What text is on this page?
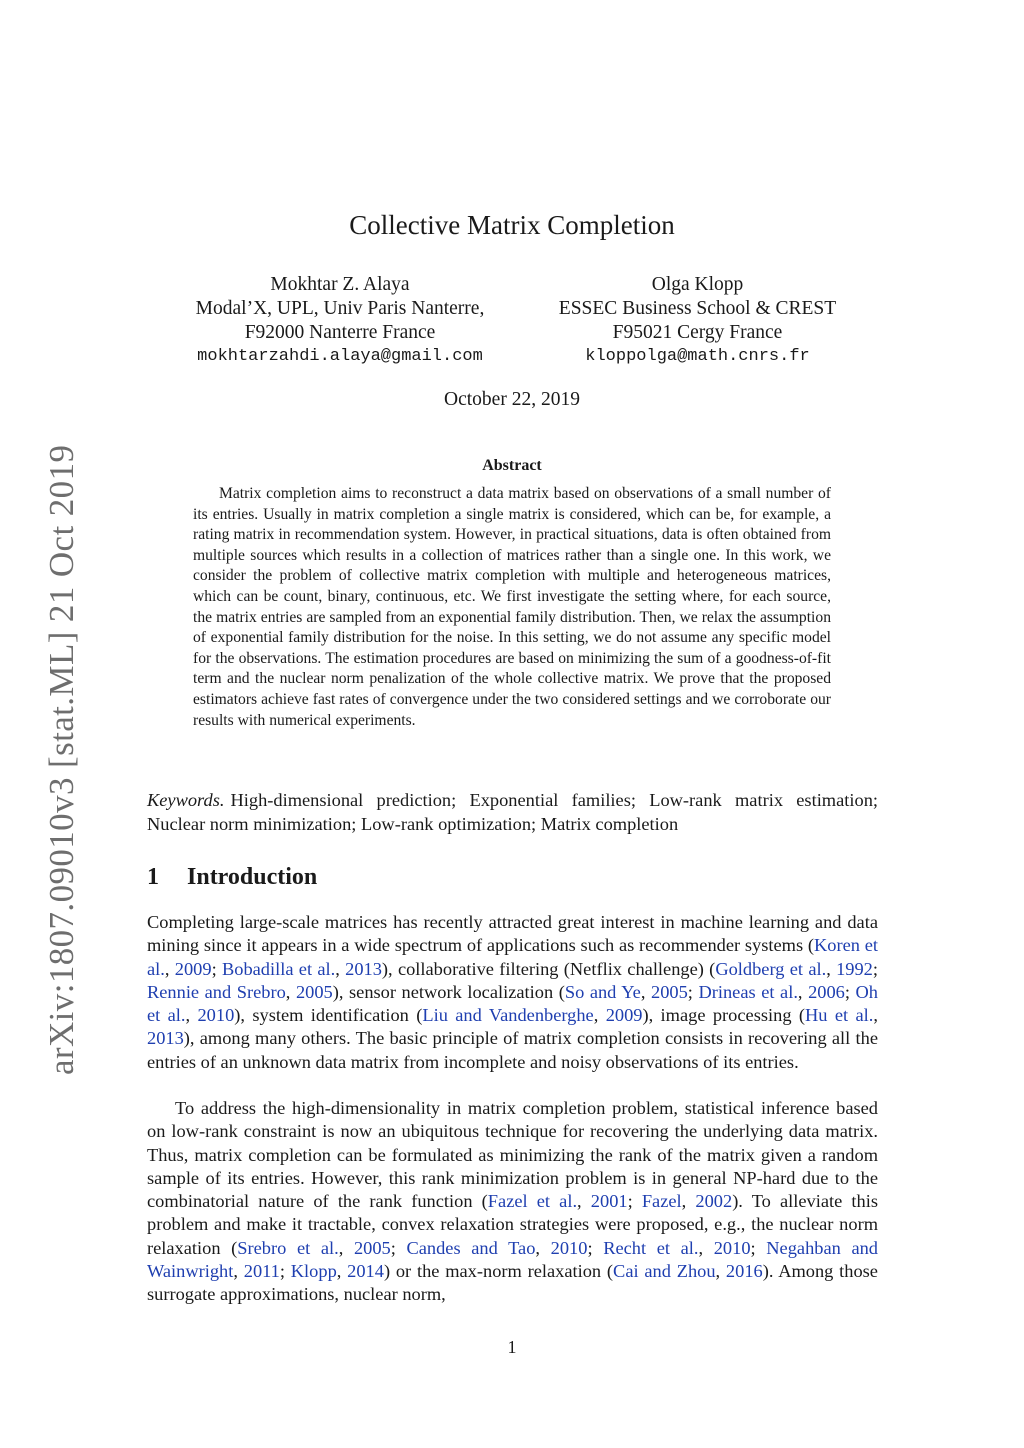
arXiv:1807.09010v3 [stat.ML] 21 Oct 2019
Collective Matrix Completion
Mokhtar Z. Alaya
Modal’X, UPL, Univ Paris Nanterre,
F92000 Nanterre France
mokhtarzahdi.alaya@gmail.com
Olga Klopp
ESSEC Business School & CREST
F95021 Cergy France
kloppolga@math.cnrs.fr
October 22, 2019
Abstract
Matrix completion aims to reconstruct a data matrix based on observations of a small number of its entries. Usually in matrix completion a single matrix is considered, which can be, for example, a rating matrix in recommendation system. However, in practical situations, data is often obtained from multiple sources which results in a collection of matrices rather than a single one. In this work, we consider the problem of collective matrix completion with multiple and heterogeneous matrices, which can be count, binary, continuous, etc. We first investigate the setting where, for each source, the matrix entries are sampled from an exponential family distribution. Then, we relax the assumption of exponential family distribution for the noise. In this setting, we do not assume any specific model for the observations. The estimation procedures are based on minimizing the sum of a goodness-of-fit term and the nuclear norm penalization of the whole collective matrix. We prove that the proposed estimators achieve fast rates of convergence under the two considered settings and we corroborate our results with numerical experiments.
Keywords. High-dimensional prediction; Exponential families; Low-rank matrix estimation; Nuclear norm minimization; Low-rank optimization; Matrix completion
1 Introduction
Completing large-scale matrices has recently attracted great interest in machine learning and data mining since it appears in a wide spectrum of applications such as recommender systems (Koren et al., 2009; Bobadilla et al., 2013), collaborative filtering (Netflix challenge) (Goldberg et al., 1992; Rennie and Srebro, 2005), sensor network localization (So and Ye, 2005; Drineas et al., 2006; Oh et al., 2010), system identification (Liu and Vandenberghe, 2009), image processing (Hu et al., 2013), among many others. The basic principle of matrix completion consists in recovering all the entries of an unknown data matrix from incomplete and noisy observations of its entries.
To address the high-dimensionality in matrix completion problem, statistical inference based on low-rank constraint is now an ubiquitous technique for recovering the underlying data matrix. Thus, matrix completion can be formulated as minimizing the rank of the matrix given a random sample of its entries. However, this rank minimization problem is in general NP-hard due to the combinatorial nature of the rank function (Fazel et al., 2001; Fazel, 2002). To alleviate this problem and make it tractable, convex relaxation strategies were proposed, e.g., the nuclear norm relaxation (Srebro et al., 2005; Candes and Tao, 2010; Recht et al., 2010; Negahban and Wainwright, 2011; Klopp, 2014) or the max-norm relaxation (Cai and Zhou, 2016). Among those surrogate approximations, nuclear norm,
1
